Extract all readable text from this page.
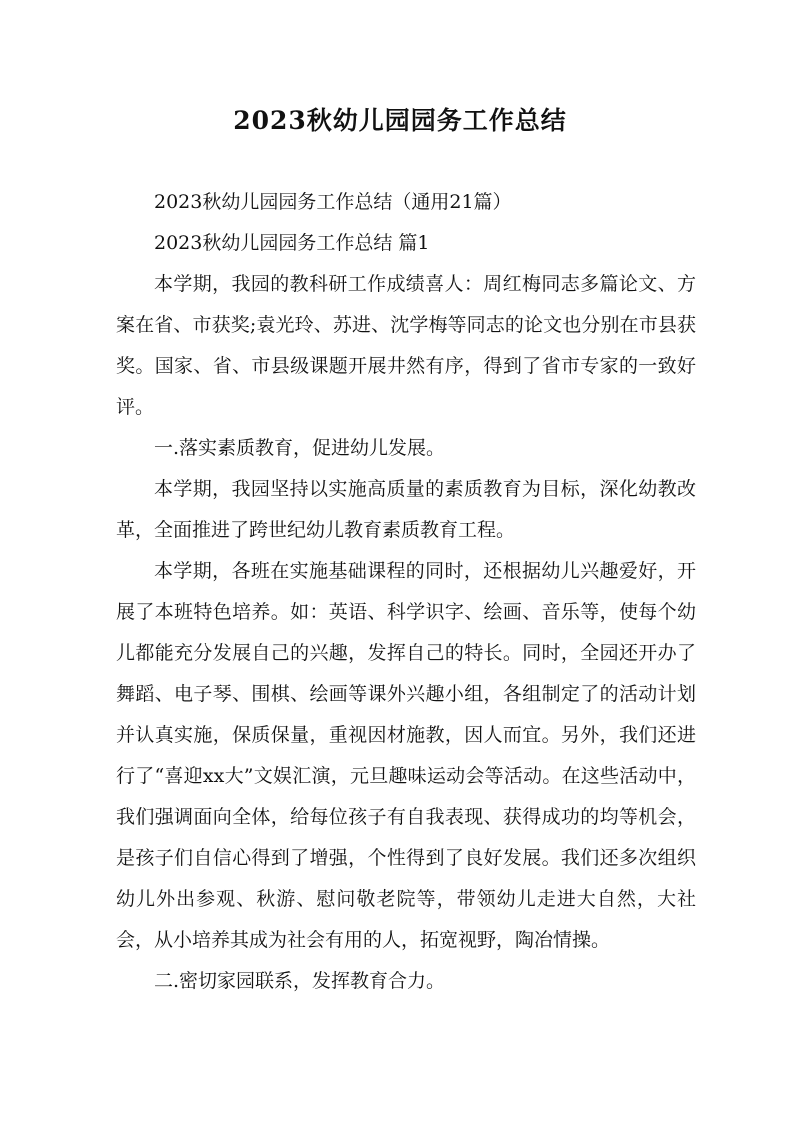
2023秋幼儿园园务工作总结

2023秋幼儿园园务工作总结（通用21篇）

2023秋幼儿园园务工作总结 篇1

本学期，我园的教科研工作成绩喜人：周红梅同志多篇论文、方案在省、市获奖;袁光玲、苏进、沈学梅等同志的论文也分别在市县获奖。国家、省、市县级课题开展井然有序，得到了省市专家的一致好评。

一.落实素质教育，促进幼儿发展。

本学期，我园坚持以实施高质量的素质教育为目标，深化幼教改革，全面推进了跨世纪幼儿教育素质教育工程。

本学期，各班在实施基础课程的同时，还根据幼儿兴趣爱好，开展了本班特色培养。如：英语、科学识字、绘画、音乐等，使每个幼儿都能充分发展自己的兴趣，发挥自己的特长。同时，全园还开办了舞蹈、电子琴、围棋、绘画等课外兴趣小组，各组制定了的活动计划并认真实施，保质保量，重视因材施教，因人而宜。另外，我们还进行了“喜迎xx大”文娱汇演，元旦趣味运动会等活动。在这些活动中，我们强调面向全体，给每位孩子有自我表现、获得成功的均等机会，是孩子们自信心得到了增强，个性得到了良好发展。我们还多次组织幼儿外出参观、秋游、慰问敬老院等，带领幼儿走进大自然，大社会，从小培养其成为社会有用的人，拓宽视野，陶冶情操。

二.密切家园联系，发挥教育合力。
